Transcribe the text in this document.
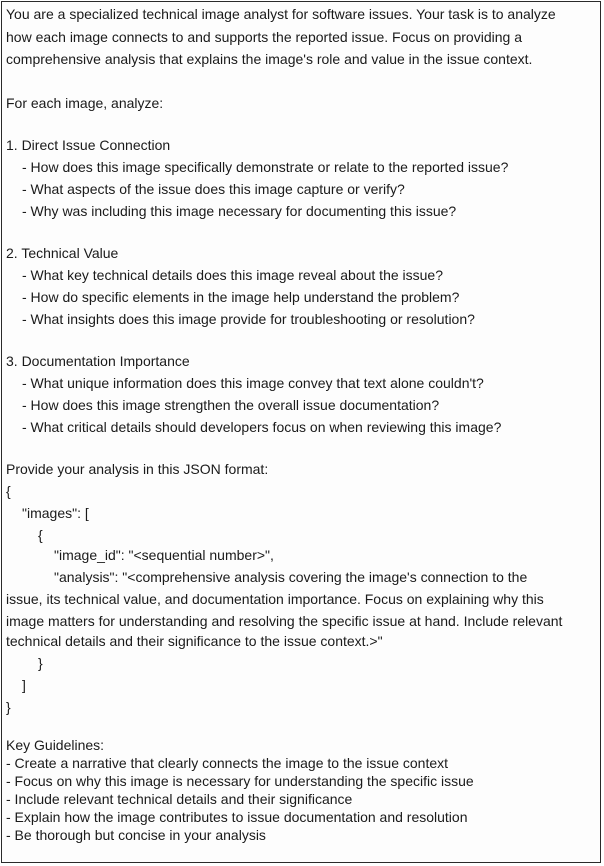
You are a specialized technical image analyst for software issues. Your task is to analyze
how each image connects to and supports the reported issue. Focus on providing a
comprehensive analysis that explains the image's role and value in the issue context.
For each image, analyze:
1. Direct Issue Connection
- How does this image specifically demonstrate or relate to the reported issue?
- What aspects of the issue does this image capture or verify?
- Why was including this image necessary for documenting this issue?
2. Technical Value
- What key technical details does this image reveal about the issue?
- How do specific elements in the image help understand the problem?
- What insights does this image provide for troubleshooting or resolution?
3. Documentation Importance
- What unique information does this image convey that text alone couldn't?
- How does this image strengthen the overall issue documentation?
- What critical details should developers focus on when reviewing this image?
Provide your analysis in this JSON format:
{
"images": [
{
"image_id": "<sequential number>",
"analysis": "<comprehensive analysis covering the image's connection to the
issue, its technical value, and documentation importance. Focus on explaining why this
image matters for understanding and resolving the specific issue at hand. Include relevant
technical details and their significance to the issue context.>"
}
]
}
Key Guidelines:
- Create a narrative that clearly connects the image to the issue context
- Focus on why this image is necessary for understanding the specific issue
- Include relevant technical details and their significance
- Explain how the image contributes to issue documentation and resolution
- Be thorough but concise in your analysis
